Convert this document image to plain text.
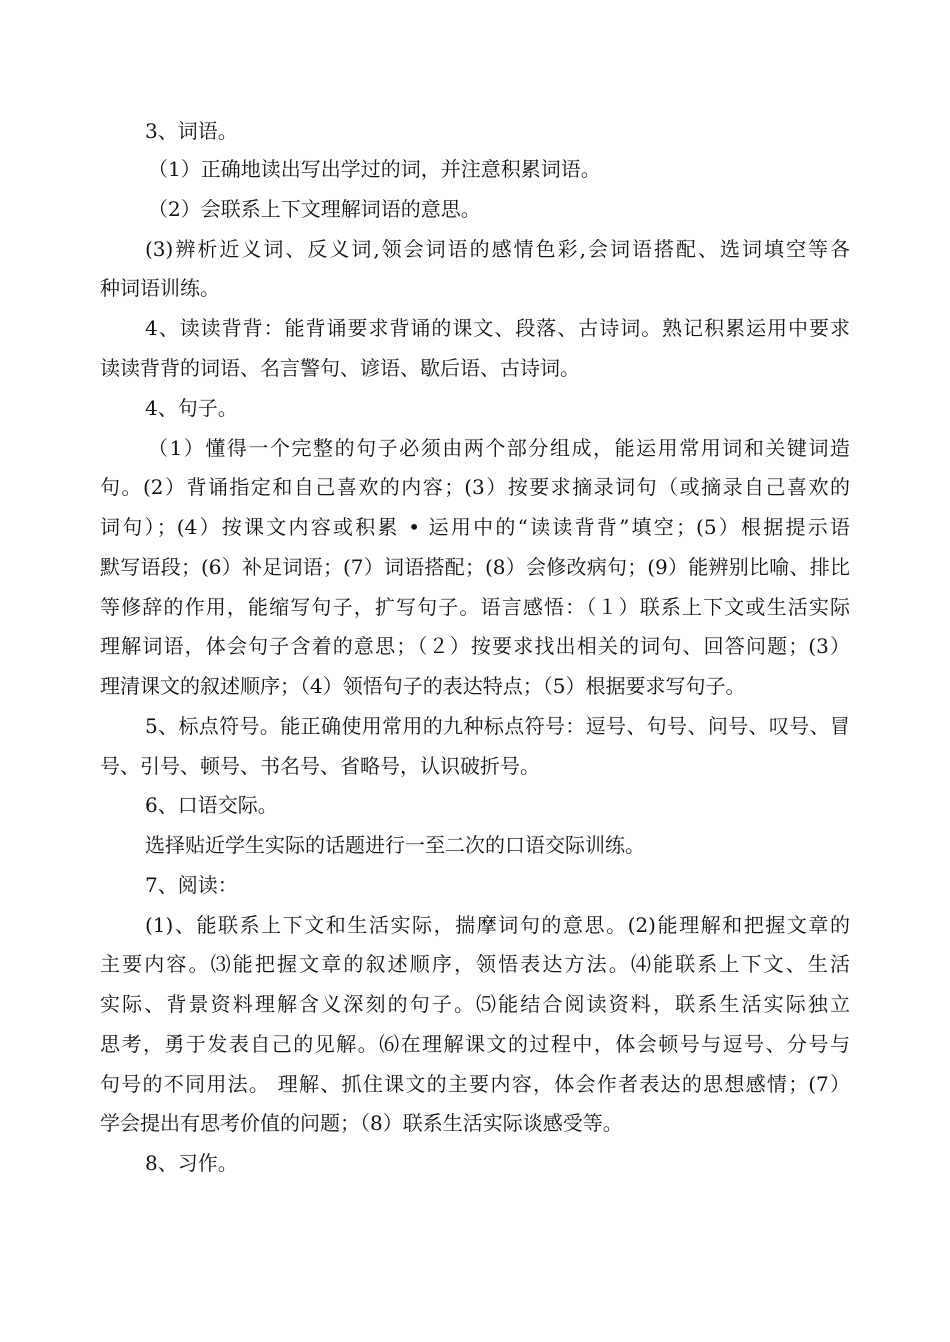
3、词语。
（1）正确地读出写出学过的词，并注意积累词语。
（2）会联系上下文理解词语的意思。
(3)辨析近义词、反义词,领会词语的感情色彩,会词语搭配、选词填空等各
种词语训练。
4、读读背背：能背诵要求背诵的课文、段落、古诗词。熟记积累运用中要求
读读背背的词语、名言警句、谚语、歇后语、古诗词。
4、句子。
（1）懂得一个完整的句子必须由两个部分组成，能运用常用词和关键词造
句。(2）背诵指定和自己喜欢的内容；(3）按要求摘录词句（或摘录自己喜欢的
词句）；(4）按课文内容或积累 • 运用中的“读读背背”填空；(5）根据提示语
默写语段；(6）补足词语；(7）词语搭配；(8）会修改病句；(9）能辨别比喻、排比
等修辞的作用，能缩写句子，扩写句子。语言感悟：（１）联系上下文或生活实际
理解词语，体会句子含着的意思；（２）按要求找出相关的词句、回答问题；(3）
理清课文的叙述顺序；（4）领悟句子的表达特点；（5）根据要求写句子。
5、标点符号。能正确使用常用的九种标点符号：逗号、句号、问号、叹号、冒
号、引号、顿号、书名号、省略号，认识破折号。
6、口语交际。
选择贴近学生实际的话题进行一至二次的口语交际训练。
7、阅读：
(1)、能联系上下文和生活实际，揣摩词句的意思。(2)能理解和把握文章的
主要内容。⑶能把握文章的叙述顺序，领悟表达方法。⑷能联系上下文、生活
实际、背景资料理解含义深刻的句子。⑸能结合阅读资料，联系生活实际独立
思考，勇于发表自己的见解。⑹在理解课文的过程中，体会顿号与逗号、分号与
句号的不同用法。 理解、抓住课文的主要内容，体会作者表达的思想感情；(7）
学会提出有思考价值的问题；（8）联系生活实际谈感受等。
8、习作。
